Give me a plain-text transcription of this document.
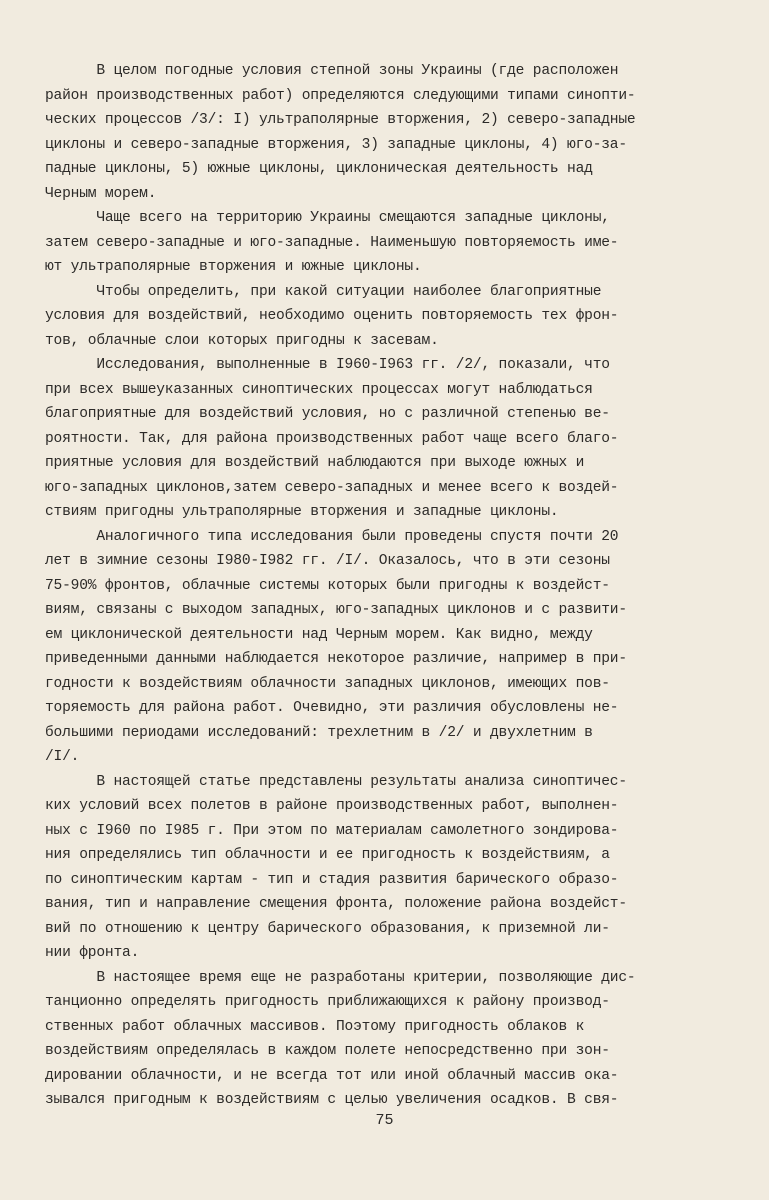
В целом погодные условия степной зоны Украины (где расположен
район производственных работ) определяются следующими типами синопти-
ческих процессов /3/: I) ультраполярные вторжения, 2) северо-западные
циклоны и северо-западные вторжения, 3) западные циклоны, 4) юго-за-
падные циклоны, 5) южные циклоны, циклоническая деятельность над
Черным морем.
Чаще всего на территорию Украины смещаются западные циклоны,
затем северо-западные и юго-западные. Наименьшую повторяемость име-
ют ультраполярные вторжения и южные циклоны.
Чтобы определить, при какой ситуации наиболее благоприятные
условия для воздействий, необходимо оценить повторяемость тех фрон-
тов, облачные слои которых пригодны к засевам.
Исследования, выполненные в I960-I963 гг. /2/, показали, что
при всех вышеуказанных синоптических процессах могут наблюдаться
благоприятные для воздействий условия, но с различной степенью ве-
роятности. Так, для района производственных работ чаще всего благо-
приятные условия для воздействий наблюдаются при выходе южных и
юго-западных циклонов,затем северо-западных и менее всего к воздей-
ствиям пригодны ультраполярные вторжения и западные циклоны.
Аналогичного типа исследования были проведены спустя почти 20
лет в зимние сезоны I980-I982 гг. /I/. Оказалось, что в эти сезоны
75-90% фронтов, облачные системы которых были пригодны к воздейст-
виям, связаны с выходом западных, юго-западных циклонов и с развити-
ем циклонической деятельности над Черным морем. Как видно, между
приведенными данными наблюдается некоторое различие, например в при-
годности к воздействиям облачности западных циклонов, имеющих пов-
торяемость для района работ. Очевидно, эти различия обусловлены не-
большими периодами исследований: трехлетним в /2/ и двухлетним в
/I/.
В настоящей статье представлены результаты анализа синоптичес-
ких условий всех полетов в районе производственных работ, выполнен-
ных с I960 по I985 г. При этом по материалам самолетного зондирова-
ния определялись тип облачности и ее пригодность к воздействиям, а
по синоптическим картам - тип и стадия развития барического образо-
вания, тип и направление смещения фронта, положение района воздейст-
вий по отношению к центру барического образования, к приземной ли-
нии фронта.
В настоящее время еще не разработаны критерии, позволяющие дис-
танционно определять пригодность приближающихся к району производ-
ственных работ облачных массивов. Поэтому пригодность облаков к
воздействиям определялась в каждом полете непосредственно при зон-
дировании облачности, и не всегда тот или иной облачный массив ока-
зывался пригодным к воздействиям с целью увеличения осадков. В свя-
75
